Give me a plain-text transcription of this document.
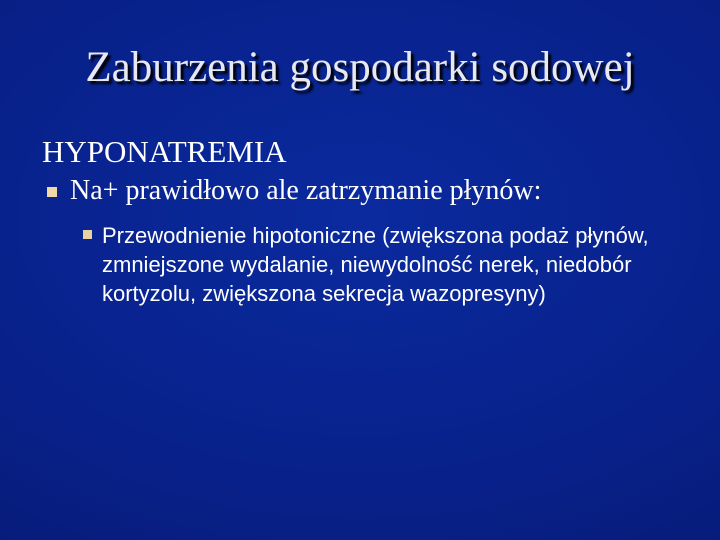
Zaburzenia gospodarki sodowej
HYPONATREMIA
Na+ prawidłowo ale zatrzymanie płynów:
Przewodnienie hipotoniczne (zwiększona podaż płynów, zmniejszone wydalanie, niewydolność nerek, niedobór kortyzolu, zwiększona sekrecja wazopresyny)
